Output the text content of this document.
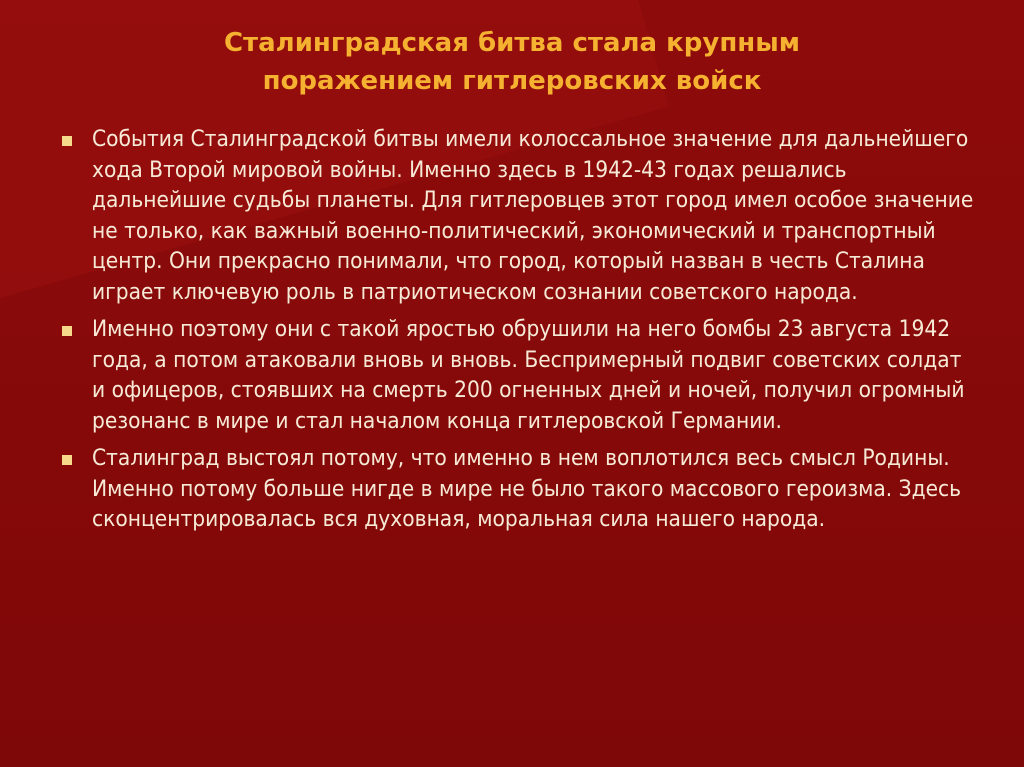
Сталинградская битва стала крупным
поражением гитлеровских войск
События Сталинградской битвы имели колоссальное значение для дальнейшего хода Второй мировой войны. Именно здесь в 1942-43 годах решались дальнейшие судьбы планеты. Для гитлеровцев этот город имел особое значение не только, как важный военно-политический, экономический и транспортный центр. Они прекрасно понимали, что город, который назван в честь Сталина играет ключевую роль в патриотическом сознании советского народа.
Именно поэтому они с такой яростью обрушили на него бомбы 23 августа 1942 года, а потом атаковали вновь и вновь. Беспримерный подвиг советских солдат и офицеров, стоявших на смерть 200 огненных дней и ночей, получил огромный резонанс в мире и стал началом конца гитлеровской Германии.
Сталинград выстоял потому, что именно в нем воплотился весь смысл Родины. Именно потому больше нигде в мире не было такого массового героизма. Здесь сконцентрировалась вся духовная, моральная сила нашего народа.
